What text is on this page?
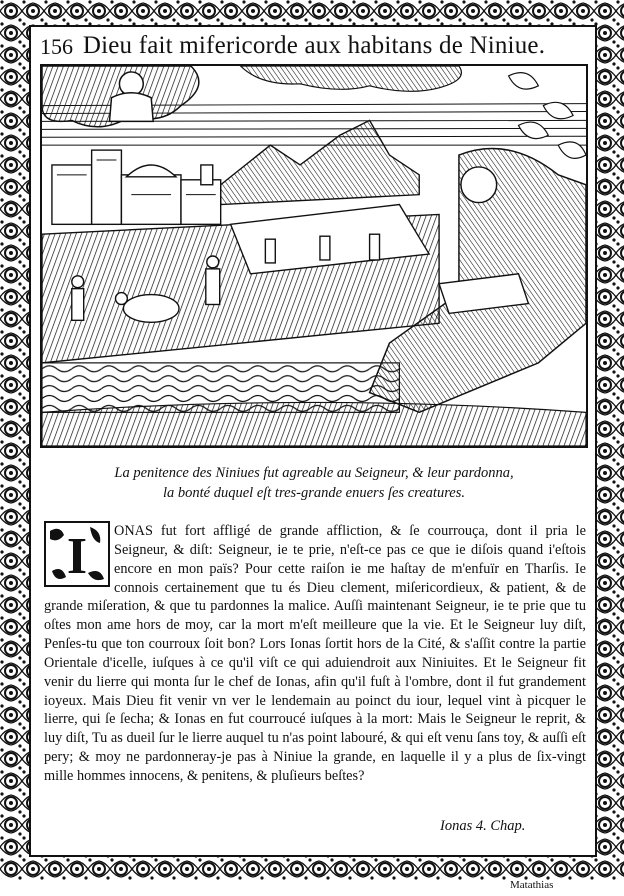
156 Dieu fait mifericorde aux habitans de Niniue.
La penitence des Niniues fut agreable au Seigneur, & leur pardonna,
la bonté duquel eſt tres-grande enuers ſes creatures.
I	ONAS fut fort affligé de grande affliction, & ſe courrouça, dont il pria le Seigneur, & diſt: Seigneur, ie te prie, n'eſt-ce pas ce que ie diſois quand i'eſtois encore en mon païs? Pour cette raiſon ie me haſtay de m'enfuïr en Tharſis. Ie connois certainement que tu és Dieu clement, miſericordieux, & patient, & de grande miſeration, & que tu pardonnes la malice. Auſſi maintenant Seigneur, ie te prie que tu oſtes mon ame hors de moy, car la mort m'eſt meilleure que la vie. Et le Seigneur luy diſt, Penſes-tu que ton courroux ſoit bon? Lors Ionas ſortit hors de la Cité, & s'aſſit contre la partie Orientale d'icelle, iuſques à ce qu'il viſt ce qui aduiendroit aux Niniuites. Et le Seigneur fit venir du lierre qui monta ſur le chef de Ionas, afin qu'il fuſt à l'ombre, dont il fut grandement ioyeux. Mais Dieu fit venir vn ver le lendemain au poinct du iour, lequel vint à picquer le lierre, qui ſe ſecha; & Ionas en fut courroucé iuſques à la mort: Mais le Seigneur le reprit, & luy diſt, Tu as dueil ſur le lierre auquel tu n'as point labouré, & qui eſt venu ſans toy, & auſſi eſt pery; & moy ne pardonneray-je pas à Niniue la grande, en laquelle il y a plus de ſix-vingt mille hommes innocens, & penitens, & pluſieurs beſtes?

Ionas 4. Chap.
Matathias
